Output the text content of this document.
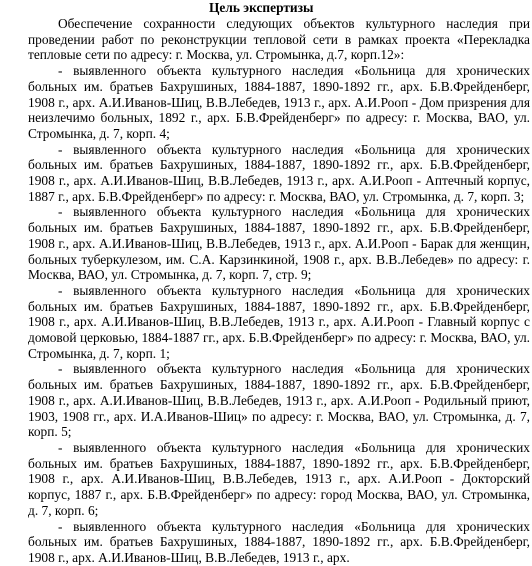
Цель экспертизы

Обеспечение сохранности следующих объектов культурного наследия при проведении работ по реконструкции тепловой сети в рамках проекта «Перекладка тепловые сети по адресу: г. Москва, ул. Стромынка, д.7, корп.12»:

- выявленного объекта культурного наследия «Больница для хронических больных им. братьев Бахрушиных, 1884-1887, 1890-1892 гг., арх. Б.В.Фрейденберг, 1908 г., арх. А.И.Иванов-Шиц, В.В.Лебедев, 1913 г., арх. А.И.Рооп - Дом призрения для неизлечимо больных, 1892 г., арх. Б.В.Фрейденберг» по адресу: г. Москва, ВАО, ул. Стромынка, д. 7, корп. 4;

- выявленного объекта культурного наследия «Больница для хронических больных им. братьев Бахрушиных, 1884-1887, 1890-1892 гг., арх. Б.В.Фрейденберг, 1908 г., арх. А.И.Иванов-Шиц, В.В.Лебедев, 1913 г., арх. А.И.Рооп - Аптечный корпус, 1887 г., арх. Б.В.Фрейденберг» по адресу: г. Москва, ВАО, ул. Стромынка, д. 7, корп. 3;

- выявленного объекта культурного наследия «Больница для хронических больных им. братьев Бахрушиных, 1884-1887, 1890-1892 гг., арх. Б.В.Фрейденберг, 1908 г., арх. А.И.Иванов-Шиц, В.В.Лебедев, 1913 г., арх. А.И.Рооп - Барак для женщин, больных туберкулезом, им. С.А. Карзинкиной, 1908 г., арх. В.В.Лебедев» по адресу: г. Москва, ВАО, ул. Стромынка, д. 7, корп. 7, стр. 9;

- выявленного объекта культурного наследия «Больница для хронических больных им. братьев Бахрушиных, 1884-1887, 1890-1892 гг., арх. Б.В.Фрейденберг, 1908 г., арх. А.И.Иванов-Шиц, В.В.Лебедев, 1913 г., арх. А.И.Рооп - Главный корпус с домовой церковью, 1884-1887 гг., арх. Б.В.Фрейденберг» по адресу: г. Москва, ВАО, ул. Стромынка, д. 7, корп. 1;

- выявленного объекта культурного наследия «Больница для хронических больных им. братьев Бахрушиных, 1884-1887, 1890-1892 гг., арх. Б.В.Фрейденберг, 1908 г., арх. А.И.Иванов-Шиц, В.В.Лебедев, 1913 г., арх. А.И.Рооп - Родильный приют, 1903, 1908 гг., арх. И.А.Иванов-Шиц» по адресу: г. Москва, ВАО, ул. Стромынка, д. 7, корп. 5;

- выявленного объекта культурного наследия «Больница для хронических больных им. братьев Бахрушиных, 1884-1887, 1890-1892 гг., арх. Б.В.Фрейденберг, 1908 г., арх. А.И.Иванов-Шиц, В.В.Лебедев, 1913 г., арх. А.И.Рооп - Докторский корпус, 1887 г., арх. Б.В.Фрейденберг» по адресу: город Москва, ВАО, ул. Стромынка, д. 7, корп. 6;

- выявленного объекта культурного наследия «Больница для хронических больных им. братьев Бахрушиных, 1884-1887, 1890-1892 гг., арх. Б.В.Фрейденберг, 1908 г., арх. А.И.Иванов-Шиц, В.В.Лебедев, 1913 г., арх.
